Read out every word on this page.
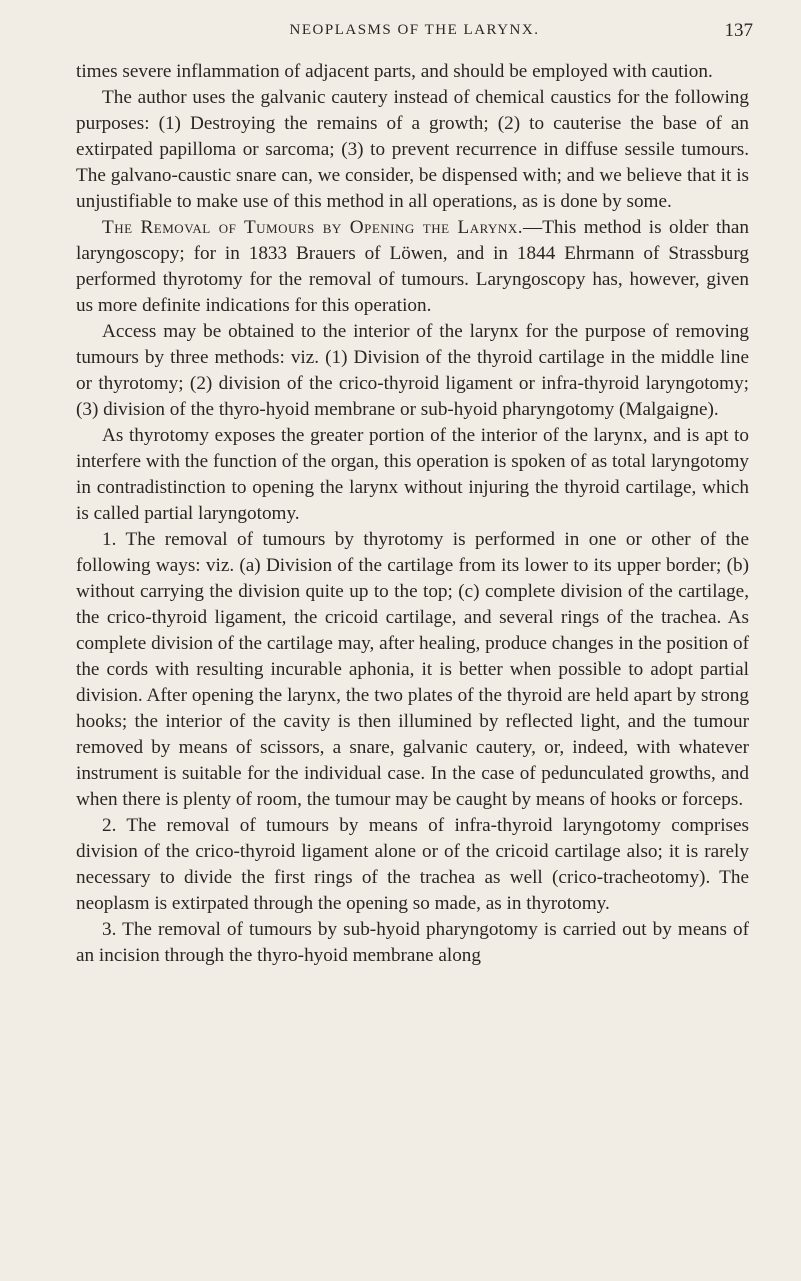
NEOPLASMS OF THE LARYNX.	137

times severe inflammation of adjacent parts, and should be employed with caution.

The author uses the galvanic cautery instead of chemical caustics for the following purposes: (1) Destroying the remains of a growth; (2) to cauterise the base of an extirpated papilloma or sarcoma; (3) to prevent recurrence in diffuse sessile tumours. The galvano-caustic snare can, we consider, be dispensed with; and we believe that it is unjustifiable to make use of this method in all operations, as is done by some.

The Removal of Tumours by Opening the Larynx.—This method is older than laryngoscopy; for in 1833 Brauers of Löwen, and in 1844 Ehrmann of Strassburg performed thyrotomy for the removal of tumours. Laryngoscopy has, however, given us more definite indications for this operation.

Access may be obtained to the interior of the larynx for the purpose of removing tumours by three methods: viz. (1) Division of the thyroid cartilage in the middle line or thyrotomy; (2) division of the crico-thyroid ligament or infra-thyroid laryngotomy; (3) division of the thyro-hyoid membrane or sub-hyoid pharyngotomy (Malgaigne).

As thyrotomy exposes the greater portion of the interior of the larynx, and is apt to interfere with the function of the organ, this operation is spoken of as total laryngotomy in contradistinction to opening the larynx without injuring the thyroid cartilage, which is called partial laryngotomy.

1. The removal of tumours by thyrotomy is performed in one or other of the following ways: viz. (a) Division of the cartilage from its lower to its upper border; (b) without carrying the division quite up to the top; (c) complete division of the cartilage, the crico-thyroid ligament, the cricoid cartilage, and several rings of the trachea. As complete division of the cartilage may, after healing, produce changes in the position of the cords with resulting incurable aphonia, it is better when possible to adopt partial division. After opening the larynx, the two plates of the thyroid are held apart by strong hooks; the interior of the cavity is then illumined by reflected light, and the tumour removed by means of scissors, a snare, galvanic cautery, or, indeed, with whatever instrument is suitable for the individual case. In the case of pedunculated growths, and when there is plenty of room, the tumour may be caught by means of hooks or forceps.

2. The removal of tumours by means of infra-thyroid laryngotomy comprises division of the crico-thyroid ligament alone or of the cricoid cartilage also; it is rarely necessary to divide the first rings of the trachea as well (crico-tracheotomy). The neoplasm is extirpated through the opening so made, as in thyrotomy.

3. The removal of tumours by sub-hyoid pharyngotomy is carried out by means of an incision through the thyro-hyoid membrane along
